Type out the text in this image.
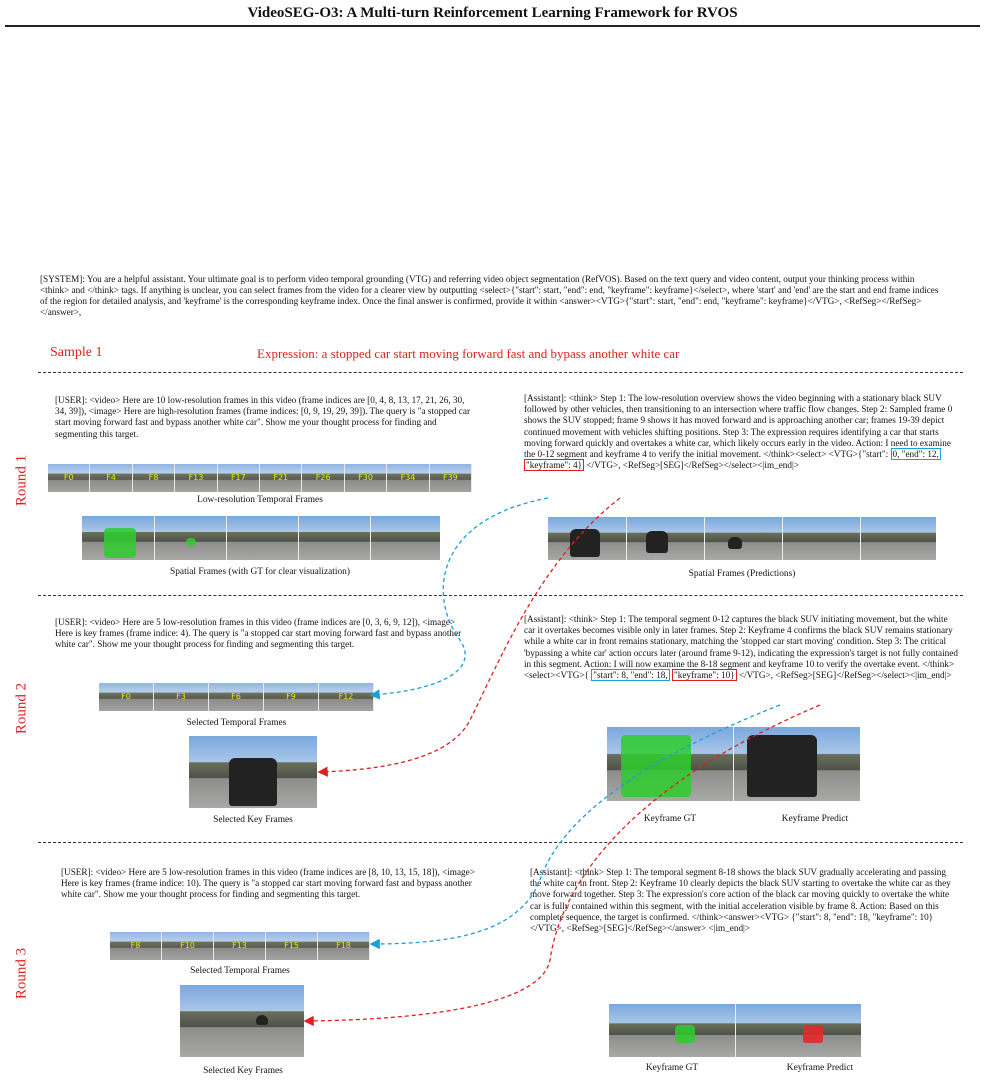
VideoSEG-O3: A Multi-turn Reinforcement Learning Framework for RVOS
[SYSTEM]: You are a helpful assistant. Your ultimate goal is to perform video temporal grounding (VTG) and referring video object segmentation (RefVOS). Based on the text query and video content, output your thinking process within <think> and </think> tags. If anything is unclear, you can select frames from the video for a clearer view by outputting <select>{"start": start, "end": end, "keyframe": keyframe}</select>, where 'start' and 'end' are the start and end frame indices of the region for detailed analysis, and 'keyframe' is the corresponding keyframe index. Once the final answer is confirmed, provide it within <answer><VTG>{"start": start, "end": end, "keyframe": keyframe}</VTG>, <RefSeg></RefSeg></answer>,
Sample 1	Expression: a stopped car start moving forward fast and bypass another white car
Round 1
[USER]: <video> Here are 10 low-resolution frames in this video (frame indices are [0, 4, 8, 13, 17, 21, 26, 30, 34, 39]), <image> Here are high-resolution frames (frame indices: [0, 9, 19, 29, 39]). The query is "a stopped car start moving forward fast and bypass another white car". Show me your thought process for finding and segmenting this target.
F0	F4	F8	F13	F17	F21	F26	F30	F34	F39
Low-resolution Temporal Frames
Spatial Frames (with GT for clear visualization)
[Assistant]: <think> Step 1: The low-resolution overview shows the video beginning with a stationary black SUV followed by other vehicles, then transitioning to an intersection where traffic flow changes. Step 2: Sampled frame 0 shows the SUV stopped; frame 9 shows it has moved forward and is approaching another car; frames 19-39 depict continued movement with vehicles shifting positions. Step 3: The expression requires identifying a car that starts moving forward quickly and overtakes a white car, which likely occurs early in the video. Action: I need to examine the 0-12 segment and keyframe 4 to verify the initial movement. </think><select> <VTG>{"start": 0, "end": 12, "keyframe": 4} </VTG>, <RefSeg>[SEG]</RefSeg></select><|im_end|>
Spatial Frames (Predictions)
Round 2
[USER]: <video> Here are 5 low-resolution frames in this video (frame indices are [0, 3, 6, 9, 12]), <image> Here is key frames (frame indice: 4). The query is "a stopped car start moving forward fast and bypass another white car". Show me your thought process for finding and segmenting this target.
F0	F3	F6	F9	F12
Selected Temporal Frames
Selected Key Frames
[Assistant]: <think> Step 1: The temporal segment 0-12 captures the black SUV initiating movement, but the white car it overtakes becomes visible only in later frames. Step 2: Keyframe 4 confirms the black SUV remains stationary while a white car in front remains stationary, matching the 'stopped car start moving' condition. Step 3: The critical 'bypassing a white car' action occurs later (around frame 9-12), indicating the expression's target is not fully contained in this segment. Action: I will now examine the 8-18 segment and keyframe 10 to verify the overtake event. </think><select><VTG>{ "start": 8, "end": 18, "keyframe": 10} </VTG>, <RefSeg>[SEG]</RefSeg></select><|im_end|>
Keyframe GT	Keyframe Predict
Round 3
[USER]: <video> Here are 5 low-resolution frames in this video (frame indices are [8, 10, 13, 15, 18]), <image> Here is key frames (frame indice: 10). The query is "a stopped car start moving forward fast and bypass another white car". Show me your thought process for finding and segmenting this target.
F8	F10	F13	F15	F18
Selected Temporal Frames
Selected Key Frames
[Assistant]: <think> Step 1: The temporal segment 8-18 shows the black SUV gradually accelerating and passing the white car in front. Step 2: Keyframe 10 clearly depicts the black SUV starting to overtake the white car as they move forward together. Step 3: The expression's core action of the black car moving quickly to overtake the white car is fully contained within this segment, with the initial acceleration visible by frame 8. Action: Based on this complete sequence, the target is confirmed. </think><answer><VTG> {"start": 8, "end": 18, "keyframe": 10}</VTG>, <RefSeg>[SEG]</RefSeg></answer> <|im_end|>
Keyframe GT	Keyframe Predict
